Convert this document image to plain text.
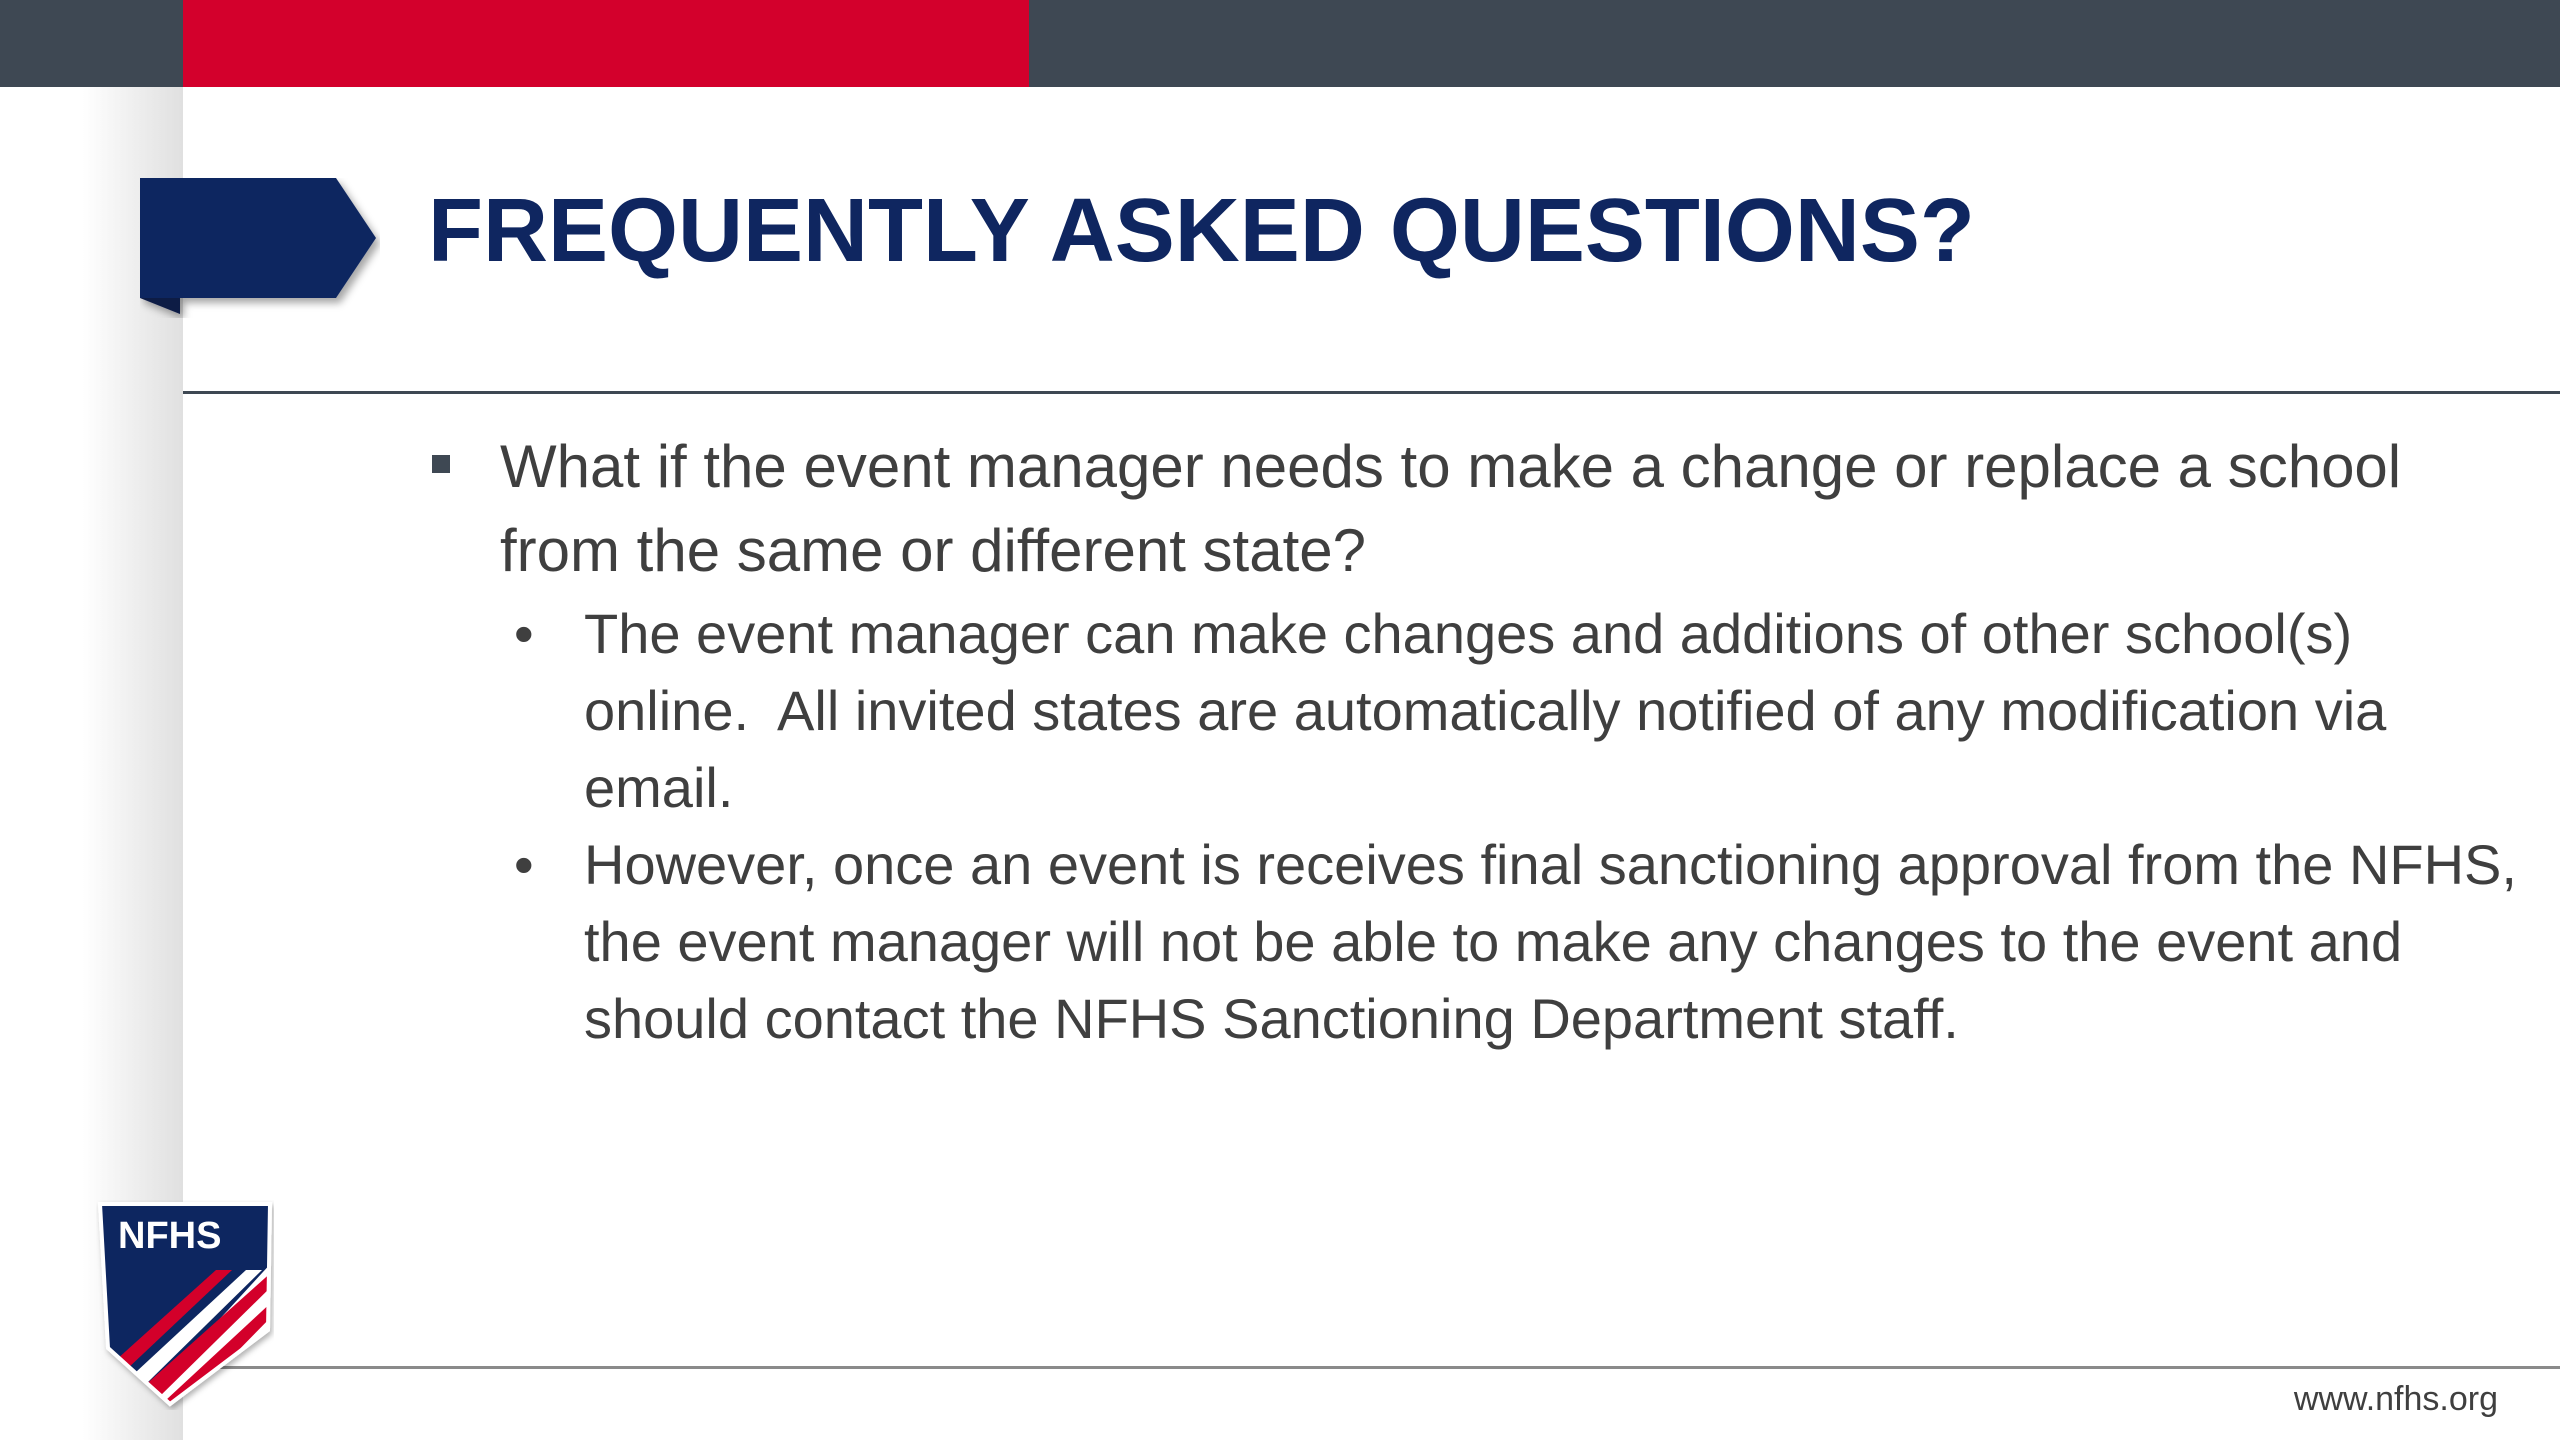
FREQUENTLY ASKED QUESTIONS?
What if the event manager needs to make a change or replace a school from the same or different state?
• The event manager can make changes and additions of other school(s) online.  All invited states are automatically notified of any modification via email.
• However, once an event is receives final sanctioning approval from the NFHS, the event manager will not be able to make any changes to the event and should contact the NFHS Sanctioning Department staff.
NFHS
www.nfhs.org
